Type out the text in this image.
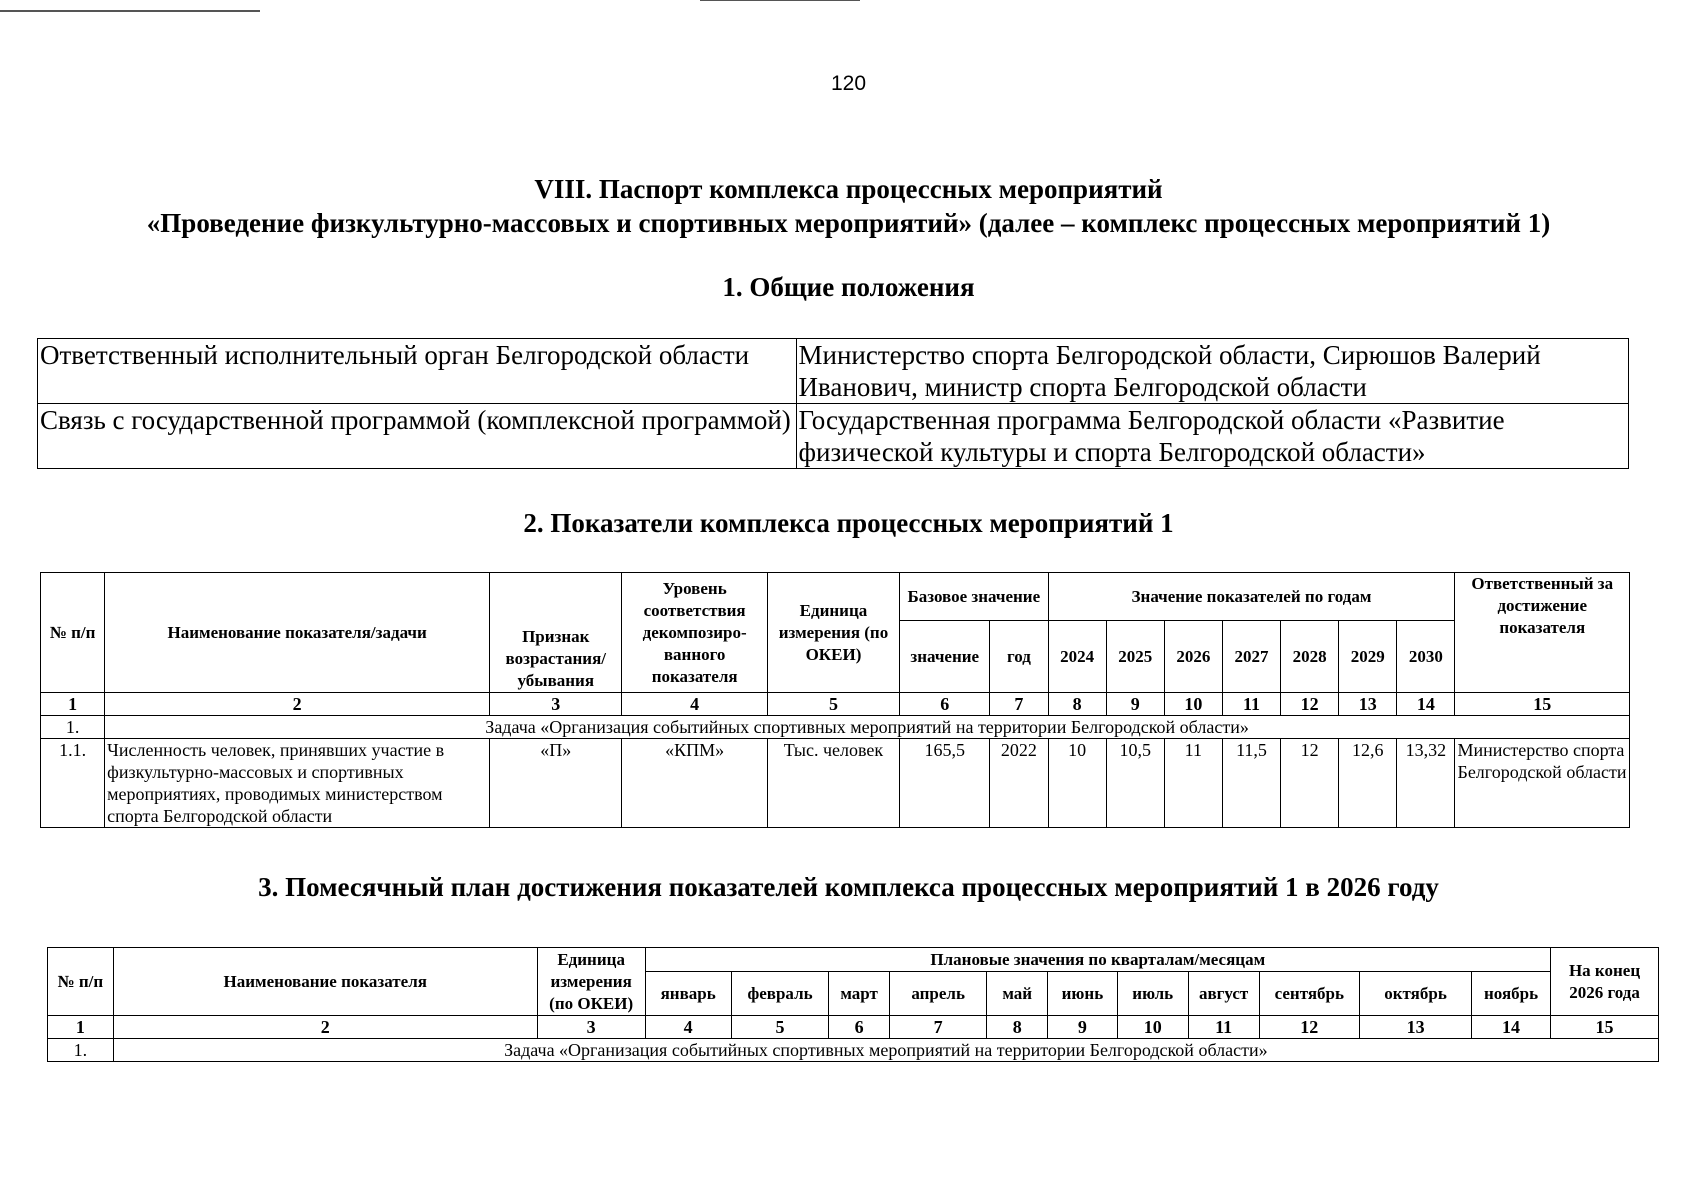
120
VIII. Паспорт комплекса процессных мероприятий
«Проведение физкультурно-массовых и спортивных мероприятий» (далее – комплекс процессных мероприятий 1)
1. Общие положения
Ответственный исполнительный орган Белгородской области	Министерство спорта Белгородской области, Сирюшов Валерий Иванович, министр спорта Белгородской области
Связь с государственной программой (комплексной программой)	Государственная программа Белгородской области «Развитие физической культуры и спорта Белгородской области»
2. Показатели комплекса процессных мероприятий 1
№ п/п	Наименование показателя/задачи	Признак возрастания/ убывания	Уровень соответствия декомпозиро-ванного показателя	Единица измерения (по ОКЕИ)	Базовое значение		Значение показателей по годам							Ответственный за достижение показателя
					значение	год	2024	2025	2026	2027	2028	2029	2030	
1	2	3	4	5	6	7	8	9	10	11	12	13	14	15
1.	Задача «Организация событийных спортивных мероприятий на территории Белгородской области»													
1.1.	Численность человек, принявших участие в физкультурно-массовых и спортивных мероприятиях, проводимых министерством спорта Белгородской области	«П»	«КПМ»	Тыс. человек	165,5	2022	10	10,5	11	11,5	12	12,6	13,32	Министерство спорта Белгородской области
3. Помесячный план достижения показателей комплекса процессных мероприятий 1 в 2026 году
№ п/п	Наименование показателя	Единица измерения (по ОКЕИ)	Плановые значения по кварталам/месяцам											На конец 2026 года
			январь	февраль	март	апрель	май	июнь	июль	август	сентябрь	октябрь	ноябрь	
1	2	3	4	5	6	7	8	9	10	11	12	13	14	15
1.	Задача «Организация событийных спортивных мероприятий на территории Белгородской области»													
